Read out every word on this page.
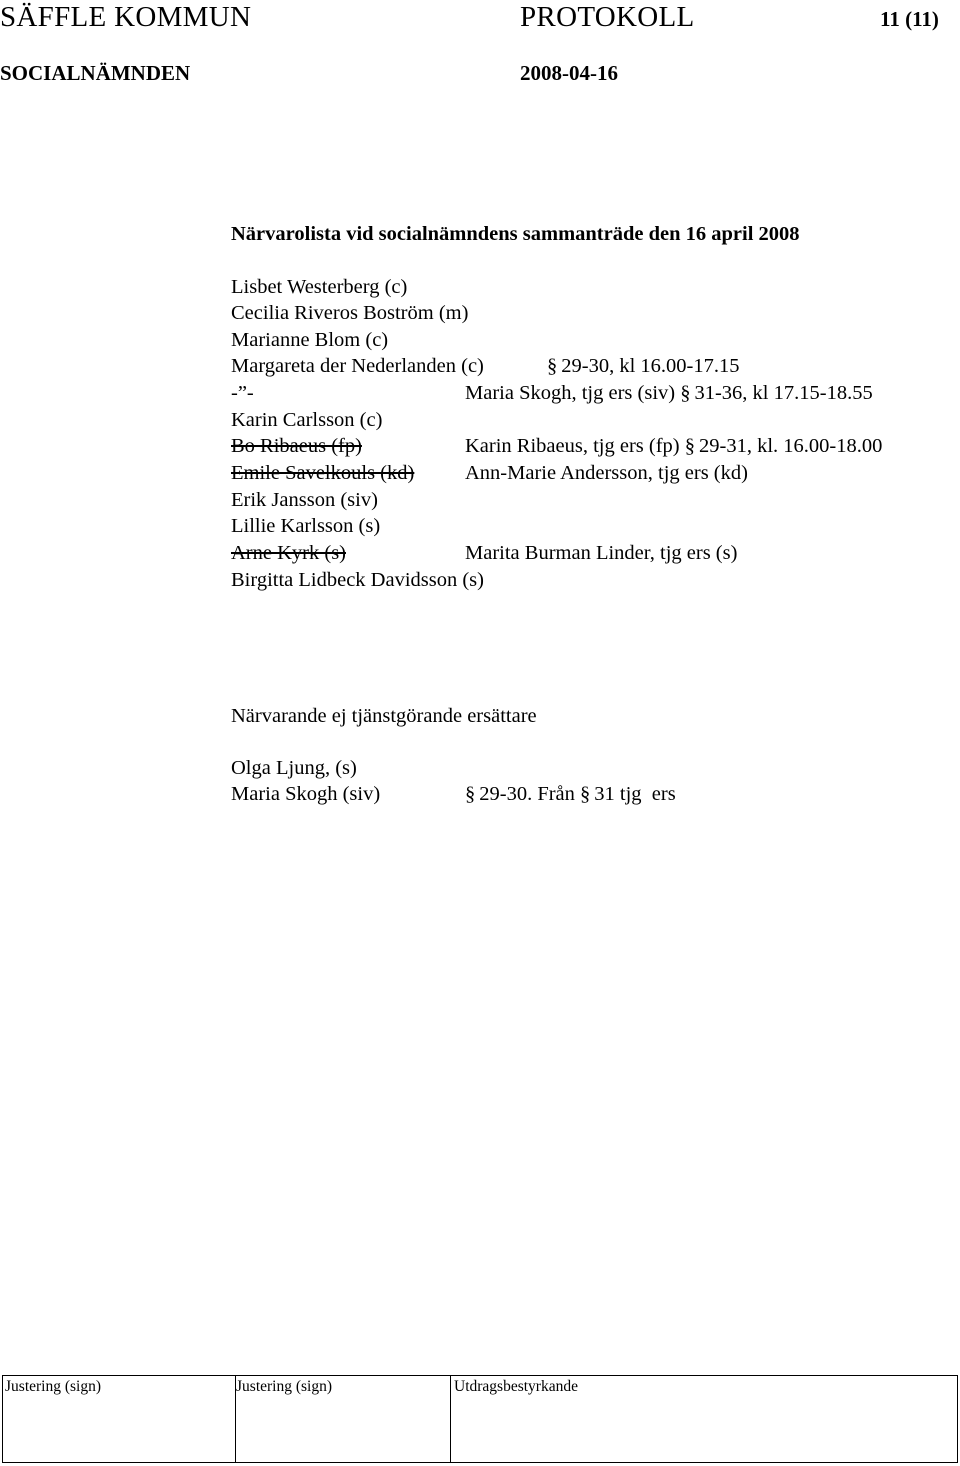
SÄFFLE KOMMUN	PROTOKOLL	11 (11)
SOCIALNÄMNDEN	2008-04-16
Närvarolista vid socialnämndens sammanträde den 16 april 2008
Lisbet Westerberg (c)
Cecilia Riveros Boström (m)
Marianne Blom (c)
Margareta der Nederlanden (c)	§ 29-30, kl 16.00-17.15
-”-	Maria Skogh, tjg ers (siv) § 31-36, kl 17.15-18.55
Karin Carlsson (c)
Bo Ribaeus (fp)	Karin Ribaeus, tjg ers (fp) § 29-31, kl. 16.00-18.00
Emile Savelkouls (kd) Ann-Marie Andersson, tjg ers (kd)
Erik Jansson (siv)
Lillie Karlsson (s)
Arne Kyrk (s)	Marita Burman Linder, tjg ers (s)
Birgitta Lidbeck Davidsson (s)
Närvarande ej tjänstgörande ersättare
Olga Ljung, (s)
Maria Skogh (siv)	§ 29-30. Från § 31 tjg  ers
Justering (sign)	Justering (sign)	Utdragsbestyrkande
